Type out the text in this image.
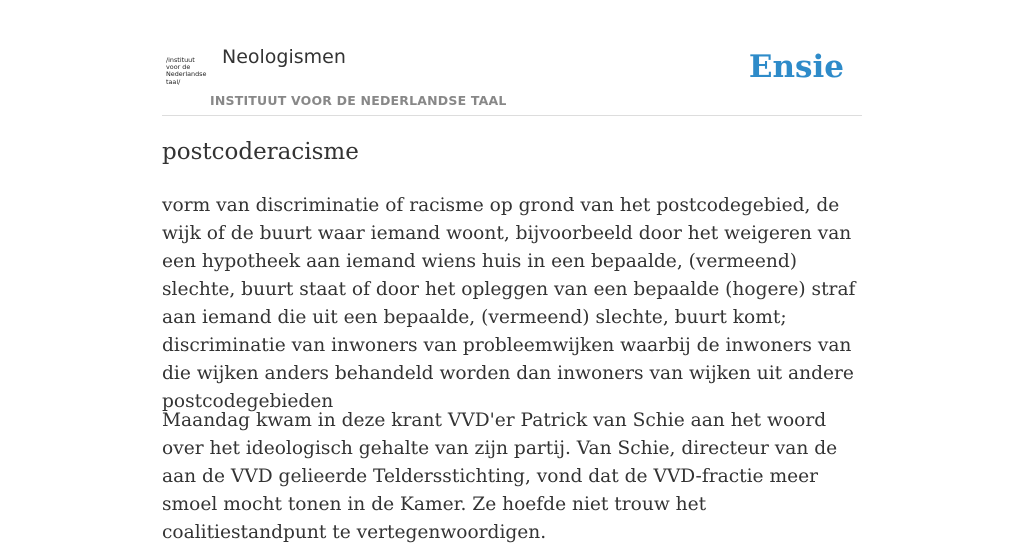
/instituut
voor de
Nederlandse
taal/
Neologismen
INSTITUUT VOOR DE NEDERLANDSE TAAL
Ensie
postcoderacisme

vorm van discriminatie of racisme op grond van het postcodegebied, de wijk of de buurt waar iemand woont, bijvoorbeeld door het weigeren van een hypotheek aan iemand wiens huis in een bepaalde, (vermeend) slechte, buurt staat of door het opleggen van een bepaalde (hogere) straf aan iemand die uit een bepaalde, (vermeend) slechte, buurt komt; discriminatie van inwoners van probleemwijken waarbij de inwoners van die wijken anders behandeld worden dan inwoners van wijken uit andere postcodegebieden

Maandag kwam in deze krant VVD'er Patrick van Schie aan het woord over het ideologisch gehalte van zijn partij. Van Schie, directeur van de aan de VVD gelieerde Teldersstichting, vond dat de VVD-fractie meer smoel mocht tonen in de Kamer. Ze hoefde niet trouw het coalitiestandpunt te vertegenwoordigen.
